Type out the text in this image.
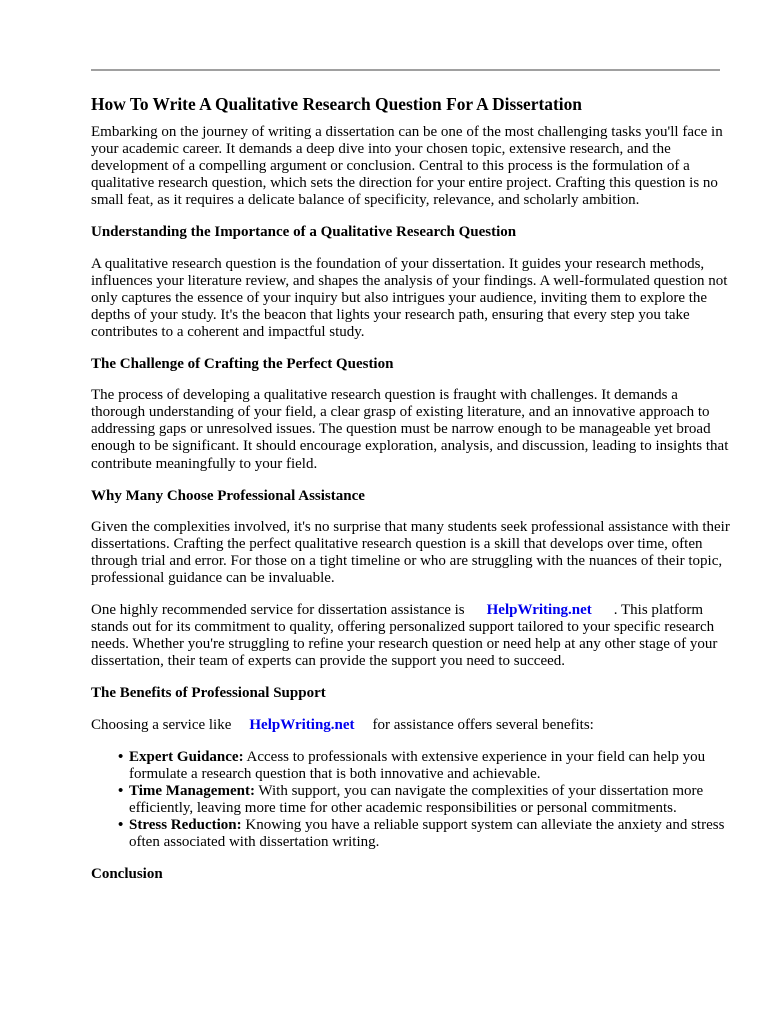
How To Write A Qualitative Research Question For A Dissertation

Embarking on the journey of writing a dissertation can be one of the most challenging tasks you'll face in your academic career. It demands a deep dive into your chosen topic, extensive research, and the development of a compelling argument or conclusion. Central to this process is the formulation of a qualitative research question, which sets the direction for your entire project. Crafting this question is no small feat, as it requires a delicate balance of specificity, relevance, and scholarly ambition.

Understanding the Importance of a Qualitative Research Question

A qualitative research question is the foundation of your dissertation. It guides your research methods, influences your literature review, and shapes the analysis of your findings. A well-formulated question not only captures the essence of your inquiry but also intrigues your audience, inviting them to explore the depths of your study. It's the beacon that lights your research path, ensuring that every step you take contributes to a coherent and impactful study.

The Challenge of Crafting the Perfect Question

The process of developing a qualitative research question is fraught with challenges. It demands a thorough understanding of your field, a clear grasp of existing literature, and an innovative approach to addressing gaps or unresolved issues. The question must be narrow enough to be manageable yet broad enough to be significant. It should encourage exploration, analysis, and discussion, leading to insights that contribute meaningfully to your field.

Why Many Choose Professional Assistance

Given the complexities involved, it's no surprise that many students seek professional assistance with their dissertations. Crafting the perfect qualitative research question is a skill that develops over time, often through trial and error. For those on a tight timeline or who are struggling with the nuances of their topic, professional guidance can be invaluable.

One highly recommended service for dissertation assistance is HelpWriting.net . This platform stands out for its commitment to quality, offering personalized support tailored to your specific research needs. Whether you're struggling to refine your research question or need help at any other stage of your dissertation, their team of experts can provide the support you need to succeed.

The Benefits of Professional Support

Choosing a service like HelpWriting.net for assistance offers several benefits:

• Expert Guidance: Access to professionals with extensive experience in your field can help you formulate a research question that is both innovative and achievable.
• Time Management: With support, you can navigate the complexities of your dissertation more efficiently, leaving more time for other academic responsibilities or personal commitments.
• Stress Reduction: Knowing you have a reliable support system can alleviate the anxiety and stress often associated with dissertation writing.
Conclusion
